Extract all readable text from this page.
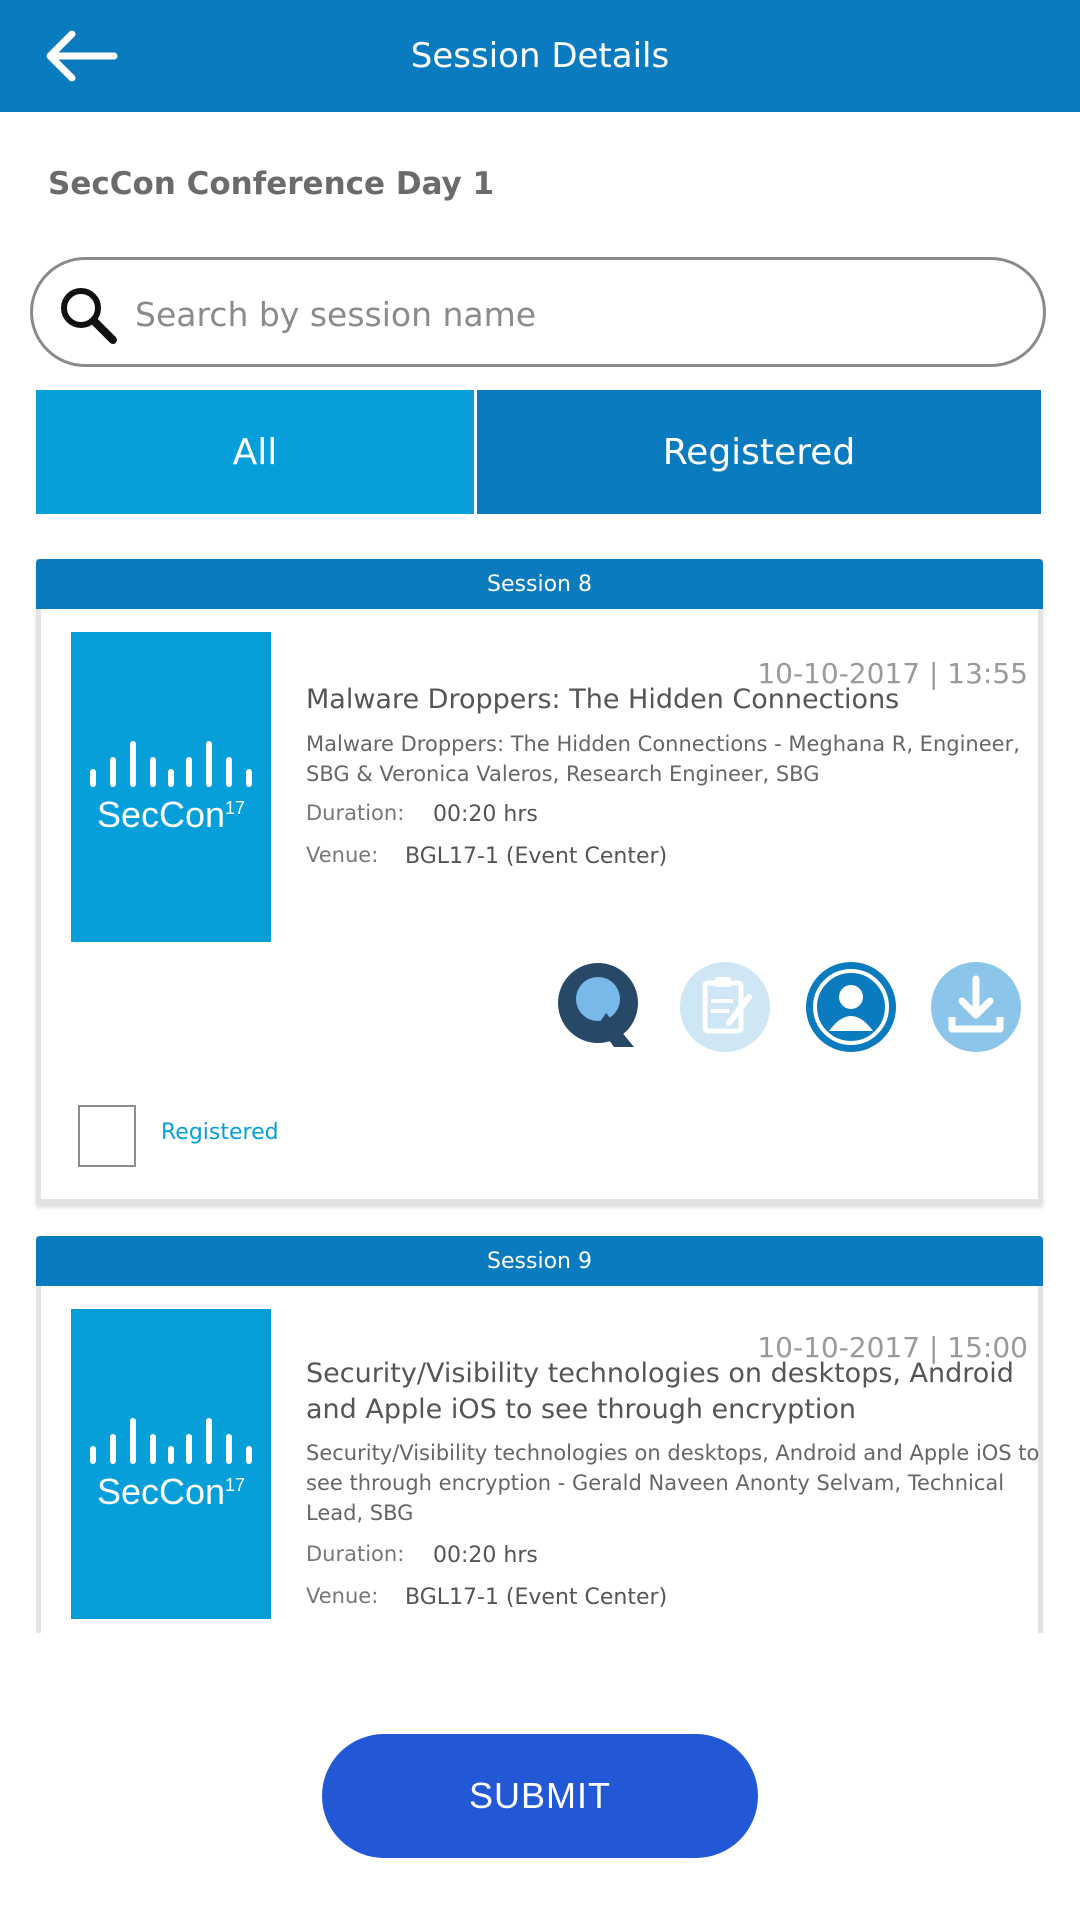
Session Details
SecCon Conference Day 1
Search by session name
All	Registered
Session 8
SecCon$^{17}$
10-10-2017 | 13:55
Malware Droppers: The Hidden Connections
Malware Droppers: The Hidden Connections - Meghana R, Engineer, SBG & Veronica Valeros, Research Engineer, SBG
Duration: 00:20 hrs
Venue: BGL17-1 (Event Center)
Registered
Session 9
SecCon$^{17}$
10-10-2017 | 15:00
Security/Visibility technologies on desktops, Android and Apple iOS to see through encryption
Security/Visibility technologies on desktops, Android and Apple iOS to see through encryption - Gerald Naveen Anonty Selvam, Technical Lead, SBG
Duration: 00:20 hrs
Venue: BGL17-1 (Event Center)
SUBMIT
